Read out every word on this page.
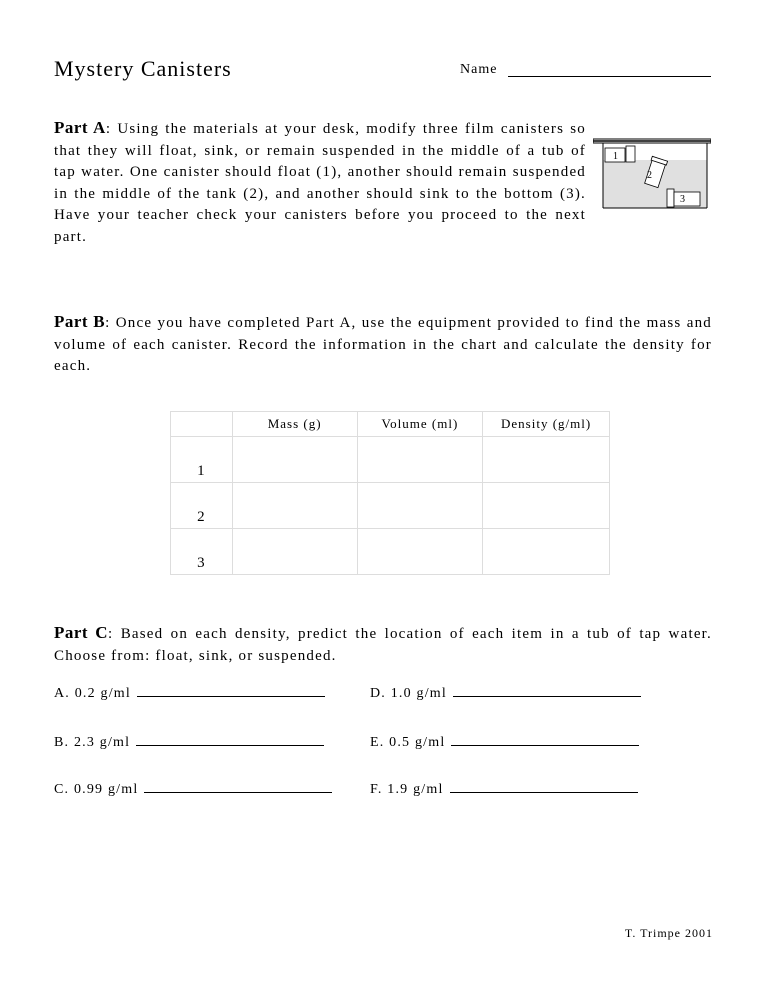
Mystery Canisters	Name
Part A: Using the materials at your desk, modify three film canisters so that they will float, sink, or remain suspended in the middle of a tub of tap water. One canister should float (1), another should remain suspended in the middle of the tank (2), and another should sink to the bottom (3). Have your teacher check your canisters before you proceed to the next part.
1
2
3
Part B: Once you have completed Part A, use the equipment provided to find the mass and volume of each canister. Record the information in the chart and calculate the density for each.
	Mass (g)	Volume (ml)	Density (g/ml)
1			
2			
3			
Part C: Based on each density, predict the location of each item in a tub of tap water. Choose from: float, sink, or suspended.
A. 0.2 g/ml	D. 1.0 g/ml
B. 2.3 g/ml	E. 0.5 g/ml
C. 0.99 g/ml	F. 1.9 g/ml
T. Trimpe 2001
